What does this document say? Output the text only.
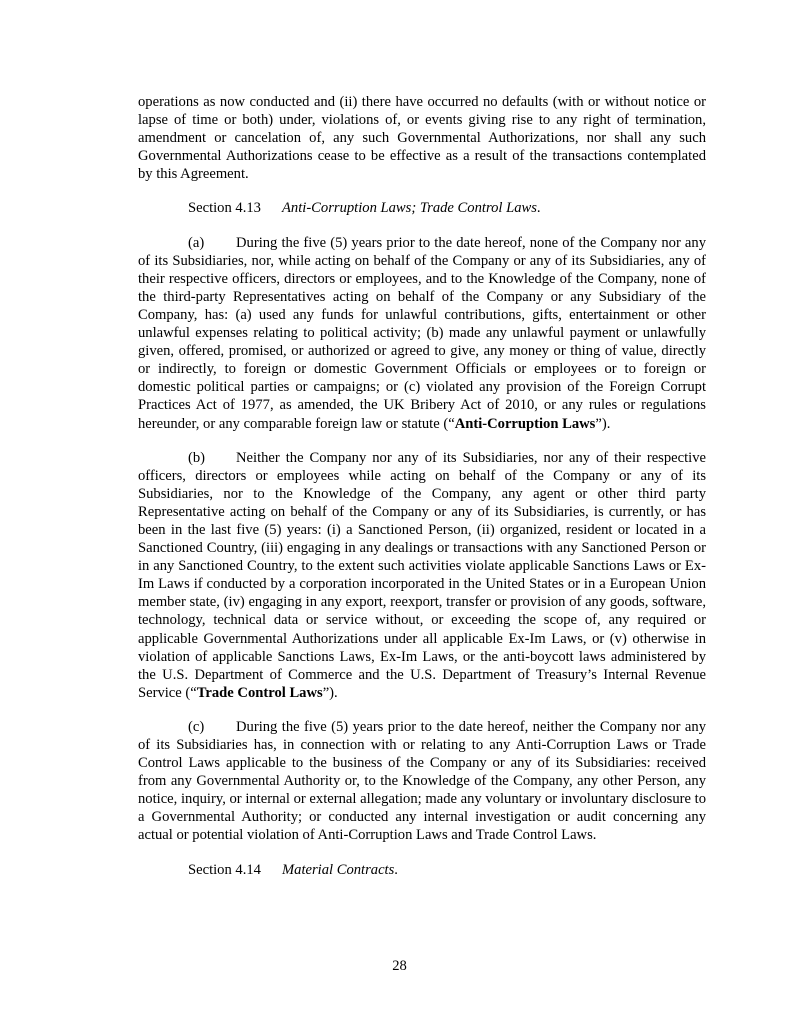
operations as now conducted and (ii) there have occurred no defaults (with or without notice or lapse of time or both) under, violations of, or events giving rise to any right of termination, amendment or cancelation of, any such Governmental Authorizations, nor shall any such Governmental Authorizations cease to be effective as a result of the transactions contemplated by this Agreement.

Section 4.13 Anti-Corruption Laws; Trade Control Laws.

(a) During the five (5) years prior to the date hereof, none of the Company nor any of its Subsidiaries, nor, while acting on behalf of the Company or any of its Subsidiaries, any of their respective officers, directors or employees, and to the Knowledge of the Company, none of the third-party Representatives acting on behalf of the Company or any Subsidiary of the Company, has: (a) used any funds for unlawful contributions, gifts, entertainment or other unlawful expenses relating to political activity; (b) made any unlawful payment or unlawfully given, offered, promised, or authorized or agreed to give, any money or thing of value, directly or indirectly, to foreign or domestic Government Officials or employees or to foreign or domestic political parties or campaigns; or (c) violated any provision of the Foreign Corrupt Practices Act of 1977, as amended, the UK Bribery Act of 2010, or any rules or regulations hereunder, or any comparable foreign law or statute (“Anti-Corruption Laws”).

(b) Neither the Company nor any of its Subsidiaries, nor any of their respective officers, directors or employees while acting on behalf of the Company or any of its Subsidiaries, nor to the Knowledge of the Company, any agent or other third party Representative acting on behalf of the Company or any of its Subsidiaries, is currently, or has been in the last five (5) years: (i) a Sanctioned Person, (ii) organized, resident or located in a Sanctioned Country, (iii) engaging in any dealings or transactions with any Sanctioned Person or in any Sanctioned Country, to the extent such activities violate applicable Sanctions Laws or Ex-Im Laws if conducted by a corporation incorporated in the United States or in a European Union member state, (iv) engaging in any export, reexport, transfer or provision of any goods, software, technology, technical data or service without, or exceeding the scope of, any required or applicable Governmental Authorizations under all applicable Ex-Im Laws, or (v) otherwise in violation of applicable Sanctions Laws, Ex-Im Laws, or the anti-boycott laws administered by the U.S. Department of Commerce and the U.S. Department of Treasury’s Internal Revenue Service (“Trade Control Laws”).

(c) During the five (5) years prior to the date hereof, neither the Company nor any of its Subsidiaries has, in connection with or relating to any Anti-Corruption Laws or Trade Control Laws applicable to the business of the Company or any of its Subsidiaries: received from any Governmental Authority or, to the Knowledge of the Company, any other Person, any notice, inquiry, or internal or external allegation; made any voluntary or involuntary disclosure to a Governmental Authority; or conducted any internal investigation or audit concerning any actual or potential violation of Anti-Corruption Laws and Trade Control Laws.

Section 4.14 Material Contracts.

28
